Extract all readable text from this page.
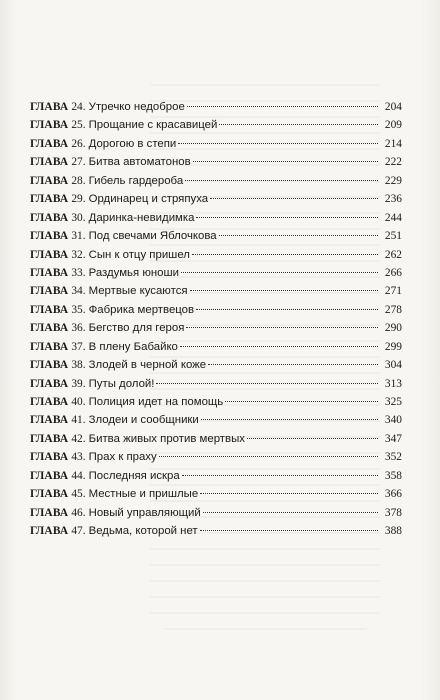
ГЛАВА 24. Утречко недоброе	204
ГЛАВА 25. Прощание с красавицей	209
ГЛАВА 26. Дорогою в степи	214
ГЛАВА 27. Битва автоматонов	222
ГЛАВА 28. Гибель гардероба	229
ГЛАВА 29. Ординарец и стряпуха	236
ГЛАВА 30. Даринка-невидимка	244
ГЛАВА 31. Под свечами Яблочкова	251
ГЛАВА 32. Сын к отцу пришел	262
ГЛАВА 33. Раздумья юноши	266
ГЛАВА 34. Мертвые кусаются	271
ГЛАВА 35. Фабрика мертвецов	278
ГЛАВА 36. Бегство для героя	290
ГЛАВА 37. В плену Бабайко	299
ГЛАВА 38. Злодей в черной коже	304
ГЛАВА 39. Путы долой!	313
ГЛАВА 40. Полиция идет на помощь	325
ГЛАВА 41. Злодеи и сообщники	340
ГЛАВА 42. Битва живых против мертвых	347
ГЛАВА 43. Прах к праху	352
ГЛАВА 44. Последняя искра	358
ГЛАВА 45. Местные и пришлые	366
ГЛАВА 46. Новый управляющий	378
ГЛАВА 47. Ведьма, которой нет	388
